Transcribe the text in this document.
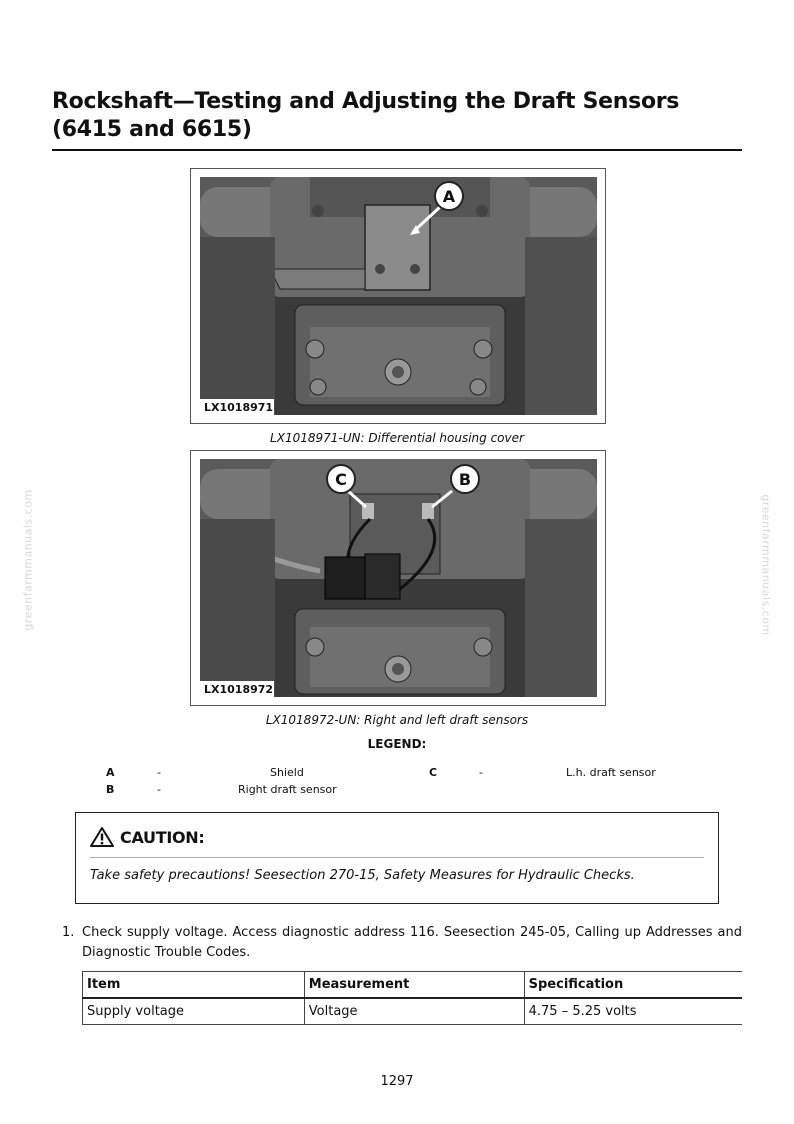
Rockshaft—Testing and Adjusting the Draft Sensors (6415 and 6615)
A
LX1018971
LX1018971-UN: Differential housing cover
C	B
LX1018972
LX1018972-UN: Right and left draft sensors
LEGEND:
A	-	Shield
B	-	Right draft sensor
C	-	L.h. draft sensor
CAUTION:
Take safety precautions! Seesection 270-15, Safety Measures for Hydraulic Checks.
1. Check supply voltage. Access diagnostic address 116. Seesection 245-05, Calling up Addresses and Diagnostic Trouble Codes.
Item	Measurement	Specification
Supply voltage	Voltage	4.75 – 5.25 volts
1297
greenfarmmanuals.com	greenfarmmanuals.com
